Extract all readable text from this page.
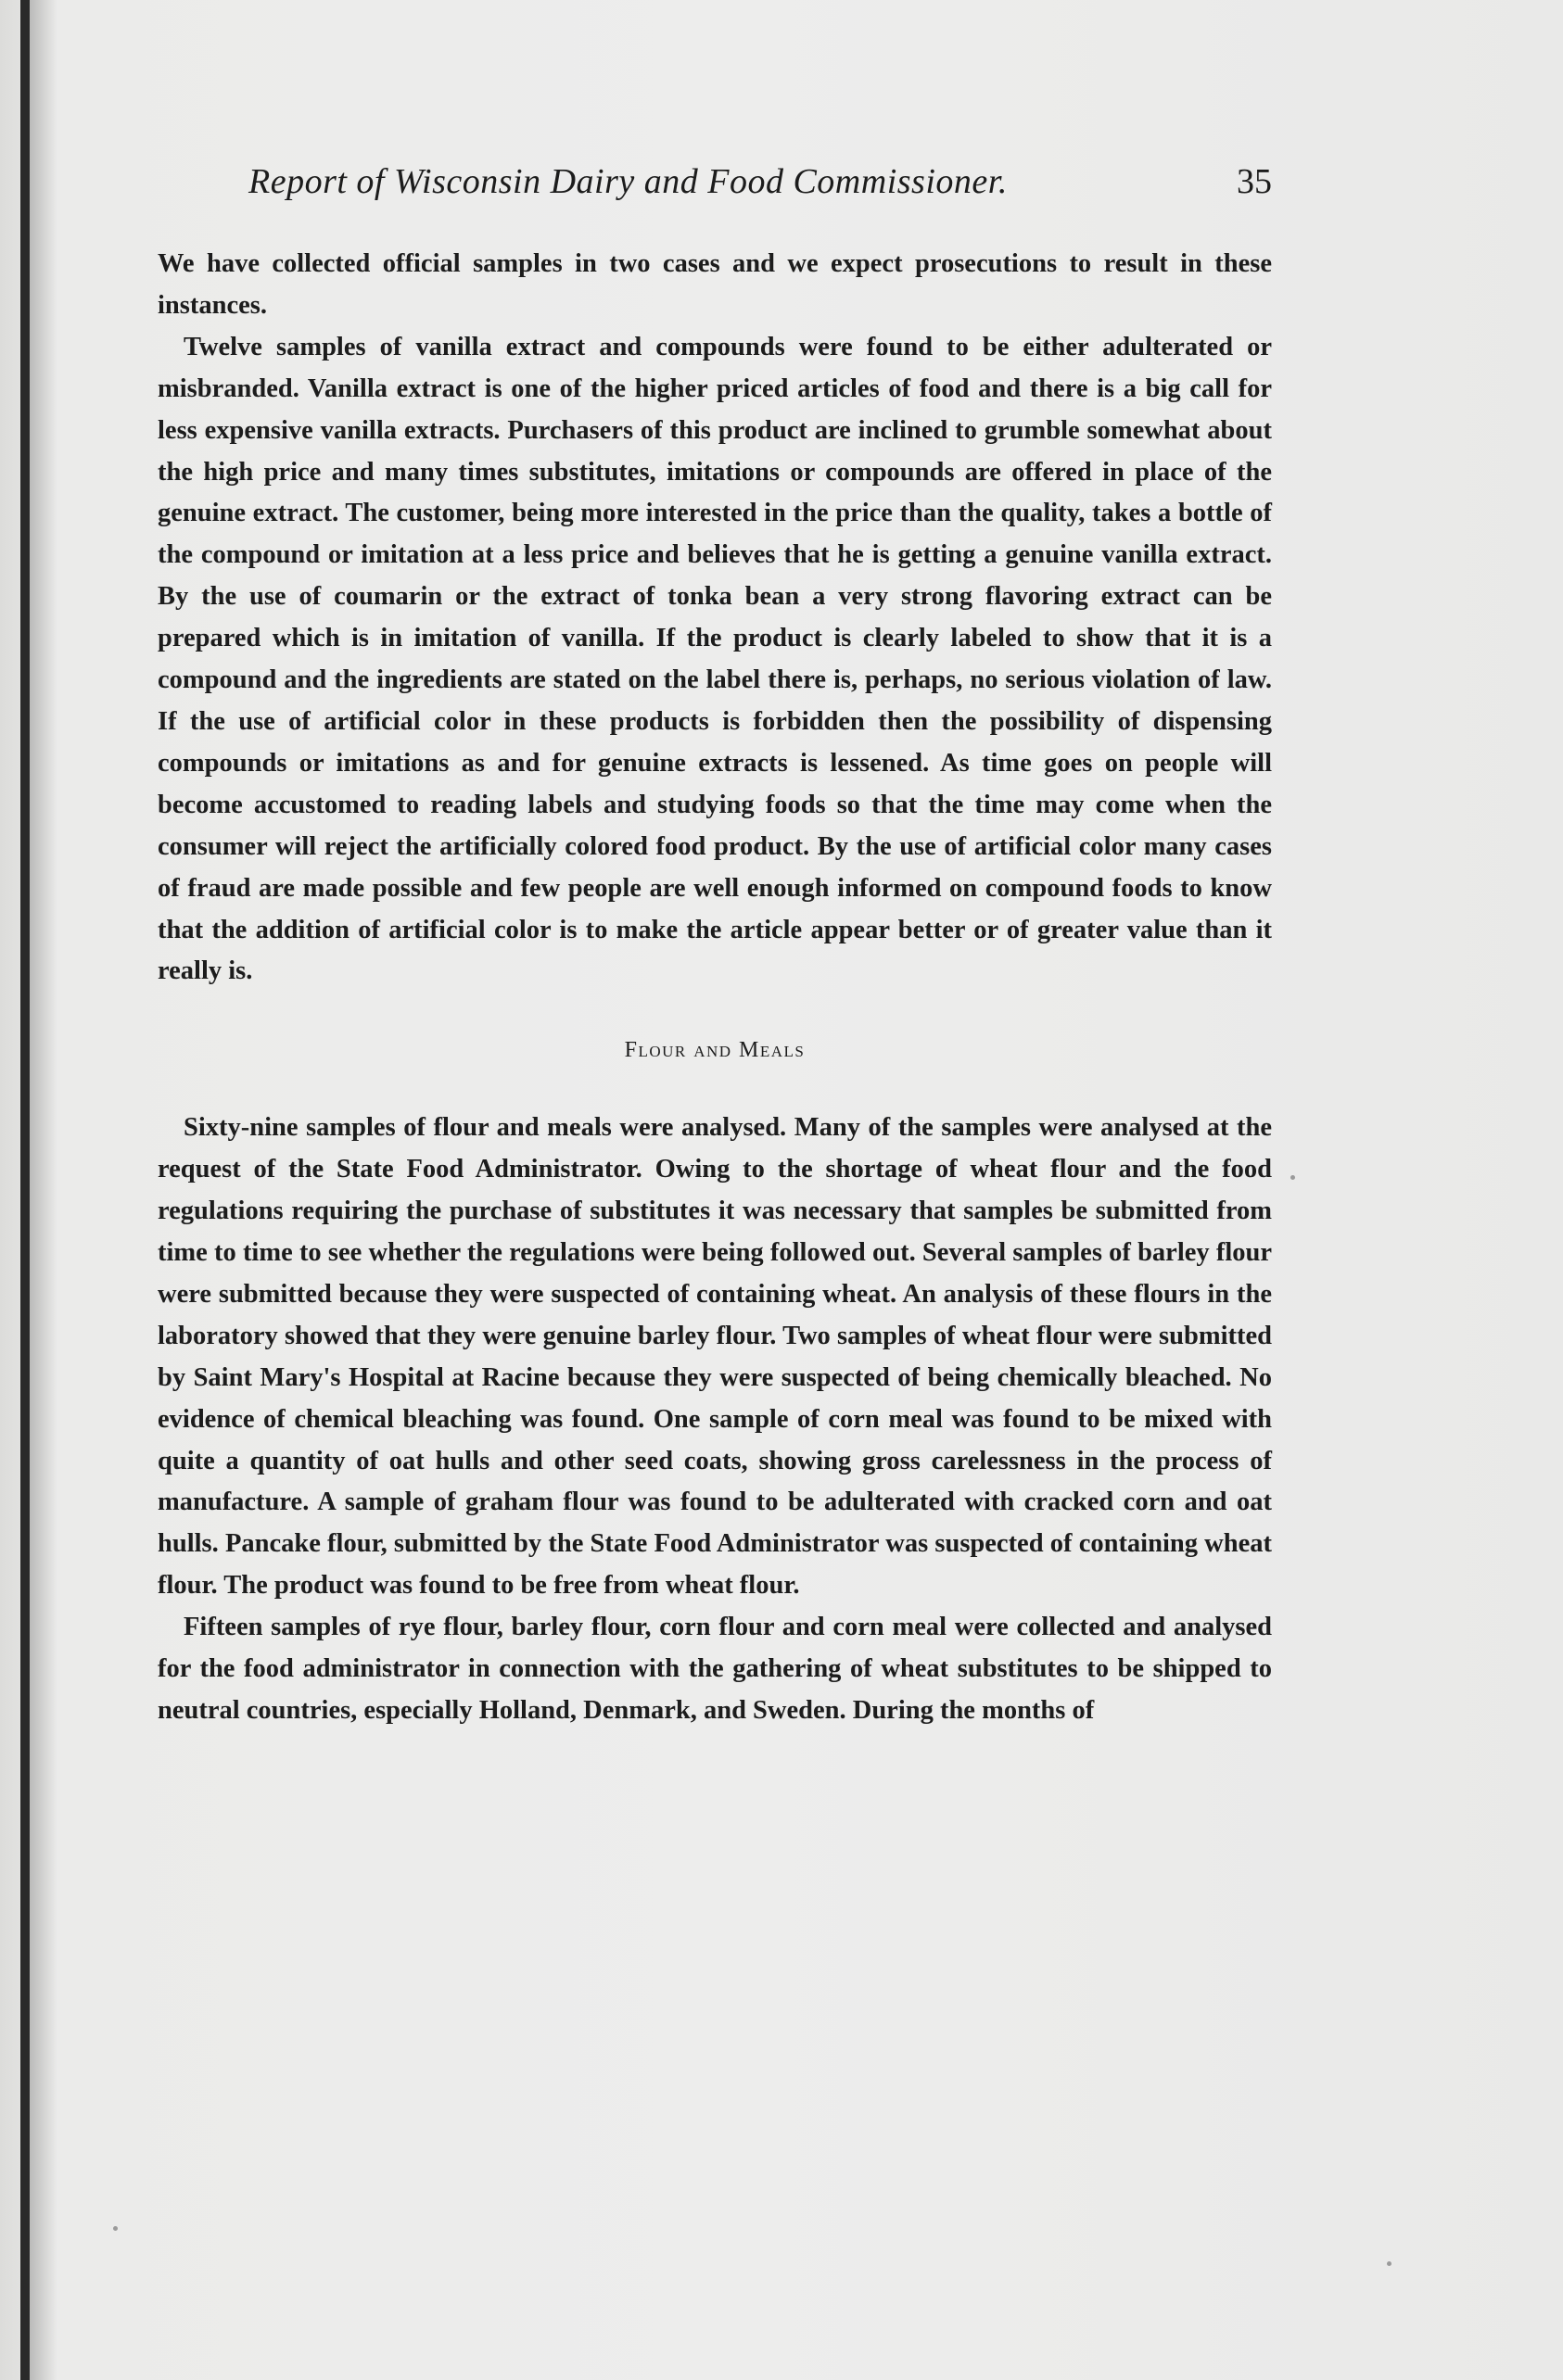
Report of Wisconsin Dairy and Food Commissioner.	35

We have collected official samples in two cases and we expect prosecutions to result in these instances.

Twelve samples of vanilla extract and compounds were found to be either adulterated or misbranded. Vanilla extract is one of the higher priced articles of food and there is a big call for less expensive vanilla extracts. Purchasers of this product are inclined to grumble somewhat about the high price and many times substitutes, imitations or compounds are offered in place of the genuine extract. The customer, being more interested in the price than the quality, takes a bottle of the compound or imitation at a less price and believes that he is getting a genuine vanilla extract. By the use of coumarin or the extract of tonka bean a very strong flavoring extract can be prepared which is in imitation of vanilla. If the product is clearly labeled to show that it is a compound and the ingredients are stated on the label there is, perhaps, no serious violation of law. If the use of artificial color in these products is forbidden then the possibility of dispensing compounds or imitations as and for genuine extracts is lessened. As time goes on people will become accustomed to reading labels and studying foods so that the time may come when the consumer will reject the artificially colored food product. By the use of artificial color many cases of fraud are made possible and few people are well enough informed on compound foods to know that the addition of artificial color is to make the article appear better or of greater value than it really is.

Flour and Meals

Sixty-nine samples of flour and meals were analysed. Many of the samples were analysed at the request of the State Food Administrator. Owing to the shortage of wheat flour and the food regulations requiring the purchase of substitutes it was necessary that samples be submitted from time to time to see whether the regulations were being followed out. Several samples of barley flour were submitted because they were suspected of containing wheat. An analysis of these flours in the laboratory showed that they were genuine barley flour. Two samples of wheat flour were submitted by Saint Mary's Hospital at Racine because they were suspected of being chemically bleached. No evidence of chemical bleaching was found. One sample of corn meal was found to be mixed with quite a quantity of oat hulls and other seed coats, showing gross carelessness in the process of manufacture. A sample of graham flour was found to be adulterated with cracked corn and oat hulls. Pancake flour, submitted by the State Food Administrator was suspected of containing wheat flour. The product was found to be free from wheat flour.

Fifteen samples of rye flour, barley flour, corn flour and corn meal were collected and analysed for the food administrator in connection with the gathering of wheat substitutes to be shipped to neutral countries, especially Holland, Denmark, and Sweden. During the months of
